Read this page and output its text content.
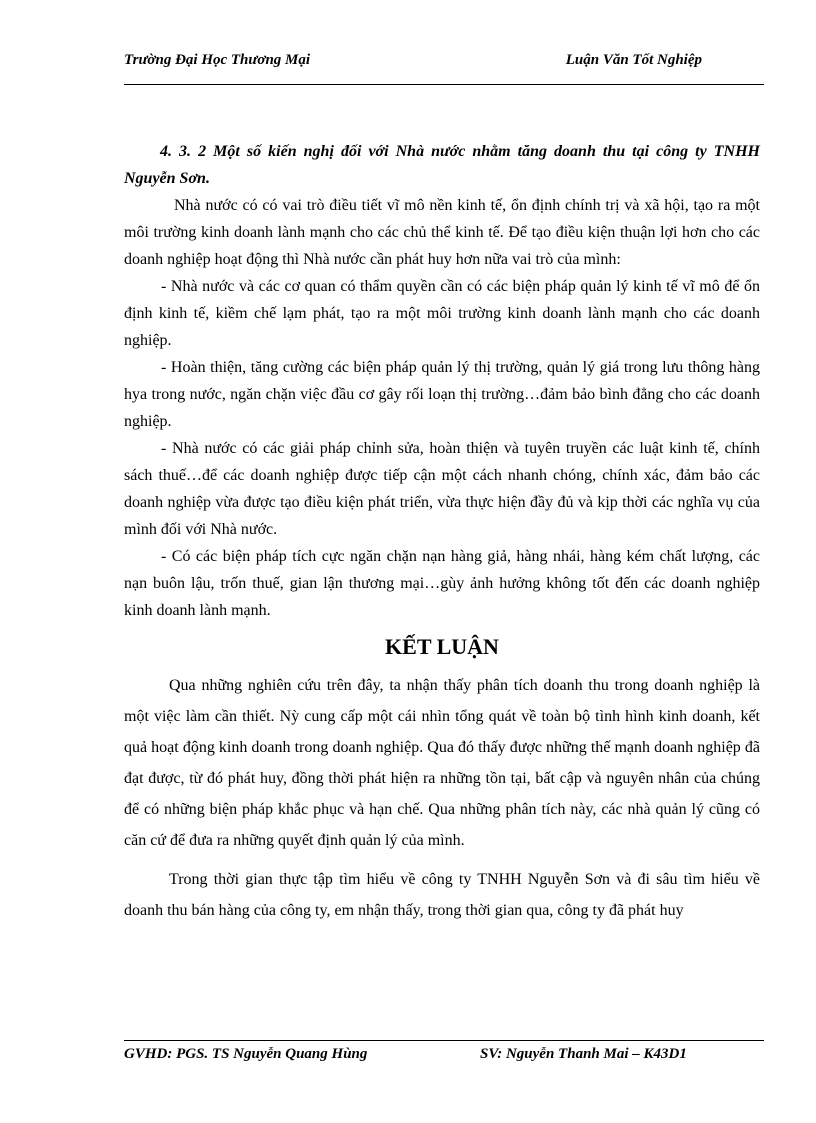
Trường Đại Học Thương Mại	Luận Văn Tốt Nghiệp

4. 3. 2 Một số kiến nghị đối với Nhà nước nhằm tăng doanh thu tại công ty TNHH Nguyễn Sơn.

Nhà nước có có vai trò điều tiết vĩ mô nền kinh tế, ổn định chính trị và xã hội, tạo ra một môi trường kinh doanh lành mạnh cho các chủ thể kinh tế. Để tạo điều kiện thuận lợi hơn cho các doanh nghiệp hoạt động thì Nhà nước cần phát huy hơn nữa vai trò của mình:

- Nhà nước và các cơ quan có thẩm quyền cần có các biện pháp quản lý kinh tế vĩ mô để ổn định kinh tế, kiềm chế lạm phát, tạo ra một môi trường kinh doanh lành mạnh cho các doanh nghiệp.

- Hoàn thiện, tăng cường các biện pháp quản lý thị trường, quản lý giá trong lưu thông hàng hya trong nước, ngăn chặn việc đầu cơ gây rối loạn thị trường…đảm bảo bình đẳng cho các doanh nghiệp.

- Nhà nước có các giải pháp chỉnh sửa, hoàn thiện và tuyên truyền các luật kinh tế, chính sách thuế…để các doanh nghiệp được tiếp cận một cách nhanh chóng, chính xác, đảm bảo các doanh nghiệp vừa được tạo điều kiện phát triển, vừa thực hiện đầy đủ và kịp thời các nghĩa vụ của mình đối với Nhà nước.

- Có các biện pháp tích cực ngăn chặn nạn hàng giả, hàng nhái, hàng kém chất lượng, các nạn buôn lậu, trốn thuế, gian lận thương mại…gùy ảnh hưởng không tốt đến các doanh nghiệp kinh doanh lành mạnh.

KẾT LUẬN

Qua những nghiên cứu trên đây, ta nhận thấy phân tích doanh thu trong doanh nghiệp là một việc làm cần thiết. Nỳ cung cấp một cái nhìn tổng quát về toàn bộ tình hình kinh doanh, kết quả hoạt động kinh doanh trong doanh nghiệp. Qua đó thấy được những thế mạnh doanh nghiệp đã đạt được, từ đó phát huy, đồng thời phát hiện ra những tồn tại, bất cập và nguyên nhân của chúng để có những biện pháp khắc phục và hạn chế. Qua những phân tích này, các nhà quản lý cũng có căn cứ để đưa ra những quyết định quản lý của mình.

Trong thời gian thực tập tìm hiểu về công ty TNHH Nguyễn Sơn và đi sâu tìm hiểu về doanh thu bán hàng của công ty, em nhận thấy, trong thời gian qua, công ty đã phát huy

GVHD: PGS. TS Nguyễn Quang Hùng	SV: Nguyễn Thanh Mai – K43D1
